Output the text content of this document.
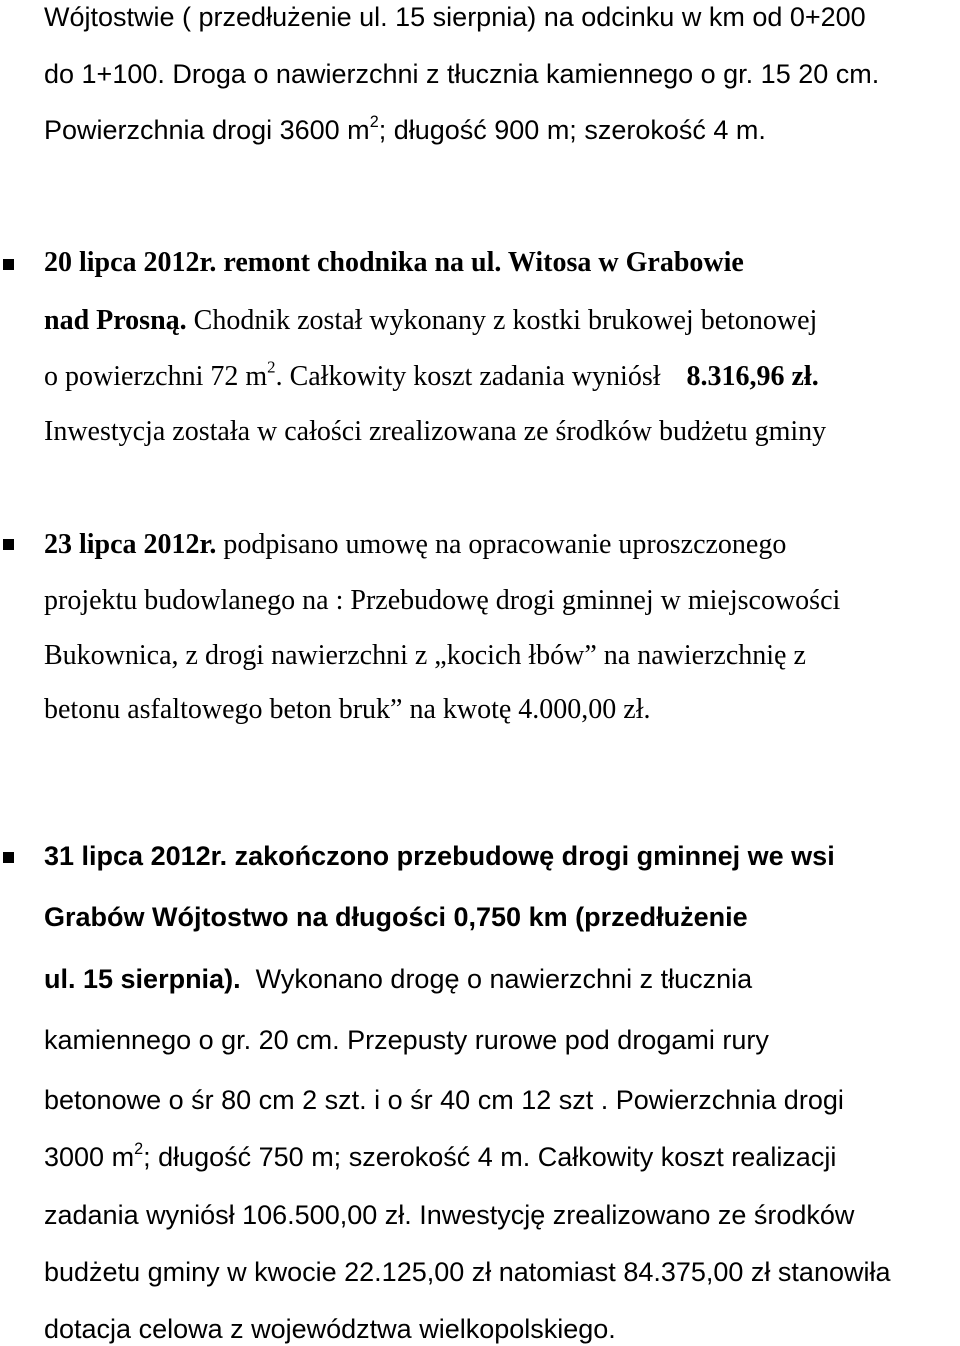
Wójtostwie ( przedłużenie ul. 15 sierpnia) na odcinku w km od 0+200
do 1+100. Droga o nawierzchni z tłucznia kamiennego o gr. 15 20 cm.
Powierzchnia drogi 3600 $m^2$; długość 900 m; szerokość 4 m.
20 lipca 2012r. remont chodnika na ul. Witosa w Grabowie
nad Prosną. Chodnik został wykonany z kostki brukowej betonowej
o powierzchni 72 $m^2$. Całkowity koszt zadania wyniósł 8.316,96 zł.
Inwestycja została w całości zrealizowana ze środków budżetu gminy
23 lipca 2012r. podpisano umowę na opracowanie uproszczonego
projektu budowlanego na : Przebudowę drogi gminnej w miejscowości
Bukownica, z drogi nawierzchni z „kocich łbów” na nawierzchnię z
betonu asfaltowego beton bruk” na kwotę 4.000,00 zł.
31 lipca 2012r. zakończono przebudowę drogi gminnej we wsi
Grabów Wójtostwo na długości 0,750 km (przedłużenie
ul. 15 sierpnia). Wykonano drogę o nawierzchni z tłucznia
kamiennego o gr. 20 cm. Przepusty rurowe pod drogami rury
betonowe o śr 80 cm 2 szt. i o śr 40 cm 12 szt . Powierzchnia drogi
3000 $m^2$; długość 750 m; szerokość 4 m. Całkowity koszt realizacji
zadania wyniósł 106.500,00 zł. Inwestycję zrealizowano ze środków
budżetu gminy w kwocie 22.125,00 zł natomiast 84.375,00 zł stanowiła
dotacja celowa z województwa wielkopolskiego.
